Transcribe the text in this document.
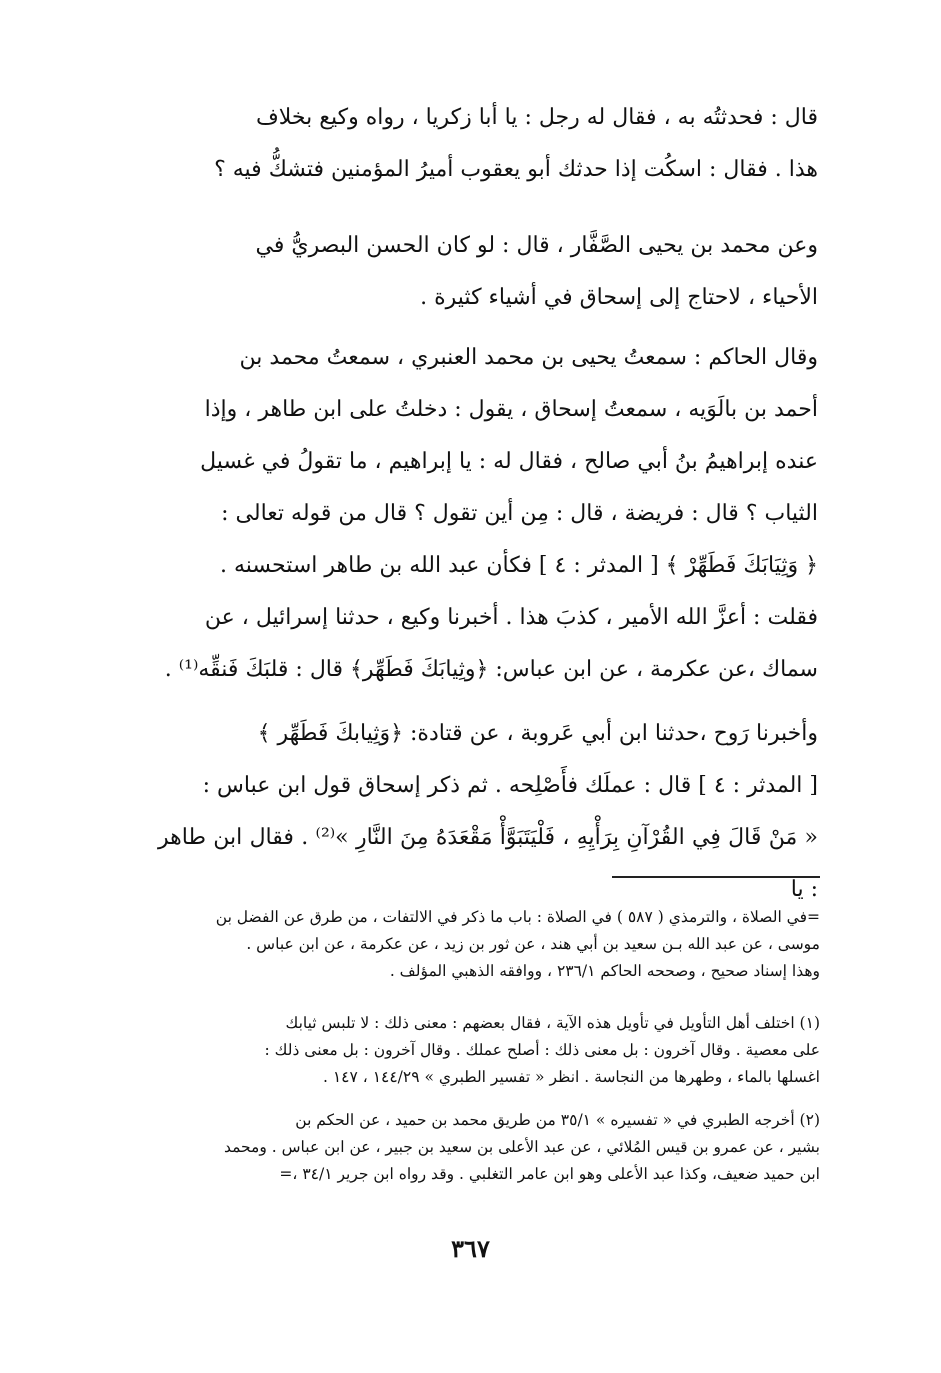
قال : فحدثتُه به ، فقال له رجل : يا أبا زكريا ، رواه وكيع بخلاف

هذا . فقال : اسكُت إذا حدثك أبو يعقوب أميرُ المؤمنين فتشكُّ فيه ؟

وعن محمد بن يحيى الصَّفَّار ، قال : لو كان الحسن البصريُّ في

الأحياء ، لاحتاج إلى إسحاق في أشياء كثيرة .

وقال الحاكم : سمعتُ يحيى بن محمد العنبري ، سمعتُ محمد بن

أحمد بن بالَوَيه ، سمعتُ إسحاق ، يقول : دخلتُ على ابن طاهر ، وإذا

عنده إبراهيمُ بنُ أبي صالح ، فقال له : يا إبراهيم ، ما تقولُ في غسيل

الثياب ؟ قال : فريضة ، قال : مِن أين تقول ؟ قال من قوله تعالى :

﴿ وَثِيَابَكَ فَطَهِّرْ ﴾ [ المدثر : ٤ ] فكأن عبد الله بن طاهر استحسنه .

فقلت : أعزَّ الله الأمير ، كذبَ هذا . أخبرنا وكيع ، حدثنا إسرائيل ، عن

سماك ،عن عكرمة ، عن ابن عباس: ﴿وثِيابَكَ فَطَهِّر﴾ قال : قلبَكَ فَنقِّه⁽¹⁾ .

وأخبرنا رَوح ،حدثنا ابن أبي عَروبة ، عن قتادة: ﴿وَثِيابكَ فَطَهِّر ﴾

[ المدثر : ٤ ] قال : عملَك فأَصْلِحه . ثم ذكر إسحاق قول ابن عباس :

« مَنْ قَالَ فِي القُرْآنِ بِرَأْيِهِ ، فَلْيَتَبَوَّأْ مَقْعَدَهُ مِنَ النَّارِ »⁽²⁾ . فقال ابن طاهر : يا

=في الصلاة ، والترمذي ( ٥٨٧ ) في الصلاة : باب ما ذكر في الالتفات ، من طرق عن الفضل بن

موسى ، عن عبد الله بـن سعيد بن أبي هند ، عن ثور بن زيد ، عن عكرمة ، عن ابن عباس .

وهذا إسناد صحيح ، وصححه الحاكم ٢٣٦/١ ، ووافقه الذهبي المؤلف .

(١) اختلف أهل التأويل في تأويل هذه الآية ، فقال بعضهم : معنى ذلك : لا تلبس ثيابك

على معصية . وقال آخرون : بل معنى ذلك : أصلح عملك . وقال آخرون : بل معنى ذلك :

اغسلها بالماء ، وطهرها من النجاسة . انظر « تفسير الطبري » ١٤٤/٢٩ ، ١٤٧ .

(٢) أخرجه الطبري في « تفسيره » ٣٥/١ من طريق محمد بن حميد ، عن الحكم بن

بشير ، عن عمرو بن قيس المُلائي ، عن عبد الأعلى بن سعيد بن جبير ، عن ابن عباس . ومحمد

ابن حميد ضعيف، وكذا عبد الأعلى وهو ابن عامر التغلبي . وقد رواه ابن جرير ٣٤/١ ،=

٣٦٧
